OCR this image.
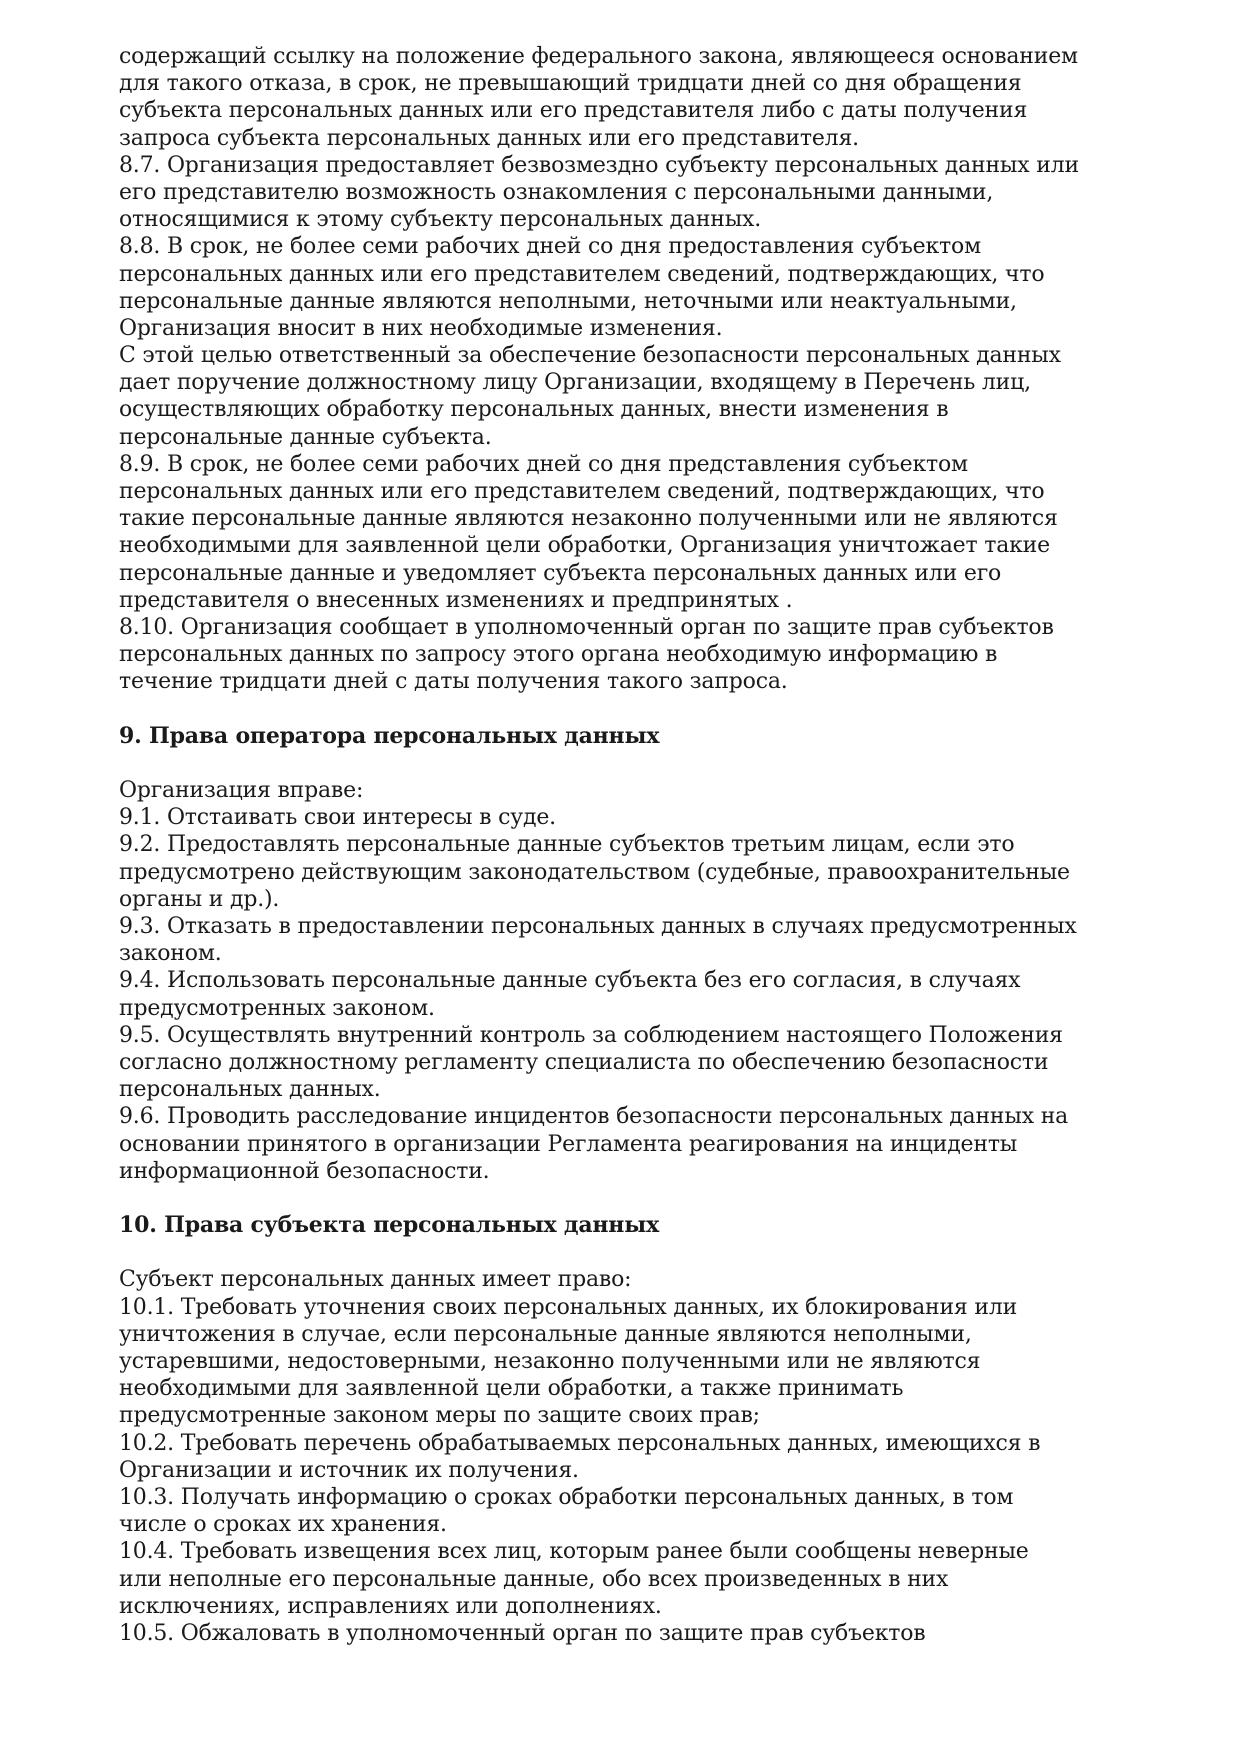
содержащий ссылку на положение федерального закона, являющееся основанием
для такого отказа, в срок, не превышающий тридцати дней со дня обращения
субъекта персональных данных или его представителя либо с даты получения
запроса субъекта персональных данных или его представителя.
8.7. Организация предоставляет безвозмездно субъекту персональных данных или
его представителю возможность ознакомления с персональными данными,
относящимися к этому субъекту персональных данных.
8.8. В срок, не более семи рабочих дней со дня предоставления субъектом
персональных данных или его представителем сведений, подтверждающих, что
персональные данные являются неполными, неточными или неактуальными,
Организация вносит в них необходимые изменения.
С этой целью ответственный за обеспечение безопасности персональных данных
дает поручение должностному лицу Организации, входящему в Перечень лиц,
осуществляющих обработку персональных данных, внести изменения в
персональные данные субъекта.
8.9. В срок, не более семи рабочих дней со дня представления субъектом
персональных данных или его представителем сведений, подтверждающих, что
такие персональные данные являются незаконно полученными или не являются
необходимыми для заявленной цели обработки, Организация уничтожает такие
персональные данные и уведомляет субъекта персональных данных или его
представителя о внесенных изменениях и предпринятых .
8.10. Организация сообщает в уполномоченный орган по защите прав субъектов
персональных данных по запросу этого органа необходимую информацию в
течение тридцати дней с даты получения такого запроса.
9. Права оператора персональных данных
Организация вправе:
9.1. Отстаивать свои интересы в суде.
9.2. Предоставлять персональные данные субъектов третьим лицам, если это
предусмотрено действующим законодательством (судебные, правоохранительные
органы и др.).
9.3. Отказать в предоставлении персональных данных в случаях предусмотренных
законом.
9.4. Использовать персональные данные субъекта без его согласия, в случаях
предусмотренных законом.
9.5. Осуществлять внутренний контроль за соблюдением настоящего Положения
согласно должностному регламенту специалиста по обеспечению безопасности
персональных данных.
9.6. Проводить расследование инцидентов безопасности персональных данных на
основании принятого в организации Регламента реагирования на инциденты
информационной безопасности.
10. Права субъекта персональных данных
Субъект персональных данных имеет право:
10.1. Требовать уточнения своих персональных данных, их блокирования или
уничтожения в случае, если персональные данные являются неполными,
устаревшими, недостоверными, незаконно полученными или не являются
необходимыми для заявленной цели обработки, а также принимать
предусмотренные законом меры по защите своих прав;
10.2. Требовать перечень обрабатываемых персональных данных, имеющихся в
Организации и источник их получения.
10.3. Получать информацию о сроках обработки персональных данных, в том
числе о сроках их хранения.
10.4. Требовать извещения всех лиц, которым ранее были сообщены неверные
или неполные его персональные данные, обо всех произведенных в них
исключениях, исправлениях или дополнениях.
10.5. Обжаловать в уполномоченный орган по защите прав субъектов
